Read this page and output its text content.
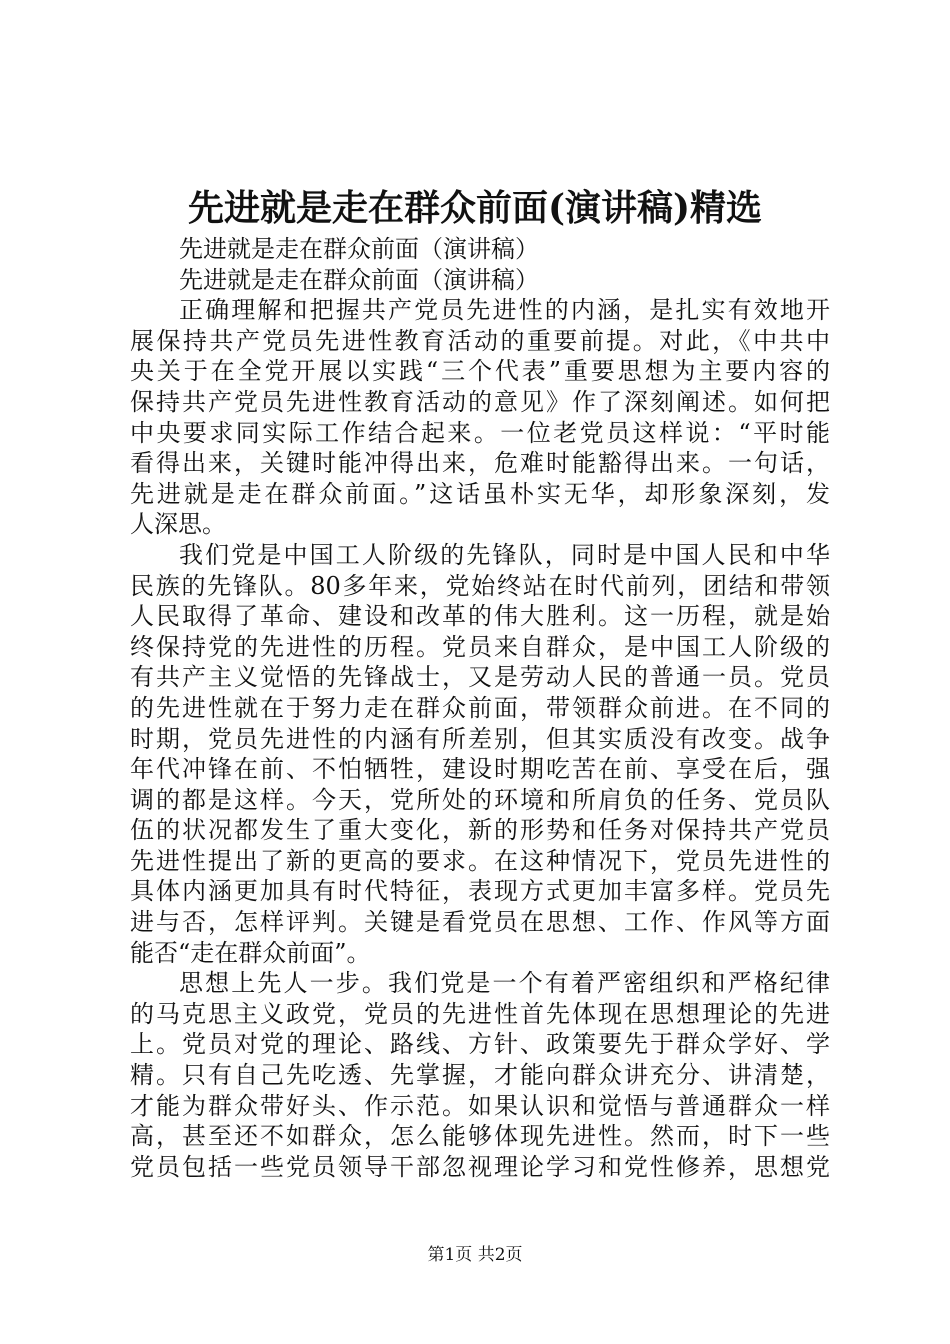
先进就是走在群众前面(演讲稿)精选
先进就是走在群众前面（演讲稿）
先进就是走在群众前面（演讲稿）
正确理解和把握共产党员先进性的内涵，是扎实有效地开
展保持共产党员先进性教育活动的重要前提。对此，《中共中
央关于在全党开展以实践“三个代表”重要思想为主要内容的
保持共产党员先进性教育活动的意见》作了深刻阐述。如何把
中央要求同实际工作结合起来。一位老党员这样说：“平时能
看得出来，关键时能冲得出来，危难时能豁得出来。一句话，
先进就是走在群众前面。”这话虽朴实无华，却形象深刻，发
人深思。
我们党是中国工人阶级的先锋队，同时是中国人民和中华
民族的先锋队。80多年来，党始终站在时代前列，团结和带领
人民取得了革命、建设和改革的伟大胜利。这一历程，就是始
终保持党的先进性的历程。党员来自群众，是中国工人阶级的
有共产主义觉悟的先锋战士，又是劳动人民的普通一员。党员
的先进性就在于努力走在群众前面，带领群众前进。在不同的
时期，党员先进性的内涵有所差别，但其实质没有改变。战争
年代冲锋在前、不怕牺牲，建设时期吃苦在前、享受在后，强
调的都是这样。今天，党所处的环境和所肩负的任务、党员队
伍的状况都发生了重大变化，新的形势和任务对保持共产党员
先进性提出了新的更高的要求。在这种情况下，党员先进性的
具体内涵更加具有时代特征，表现方式更加丰富多样。党员先
进与否，怎样评判。关键是看党员在思想、工作、作风等方面
能否“走在群众前面”。
思想上先人一步。我们党是一个有着严密组织和严格纪律
的马克思主义政党，党员的先进性首先体现在思想理论的先进
上。党员对党的理论、路线、方针、政策要先于群众学好、学
精。只有自己先吃透、先掌握，才能向群众讲充分、讲清楚，
才能为群众带好头、作示范。如果认识和觉悟与普通群众一样
高，甚至还不如群众，怎么能够体现先进性。然而，时下一些
党员包括一些党员领导干部忽视理论学习和党性修养，思想党
第1页 共2页
